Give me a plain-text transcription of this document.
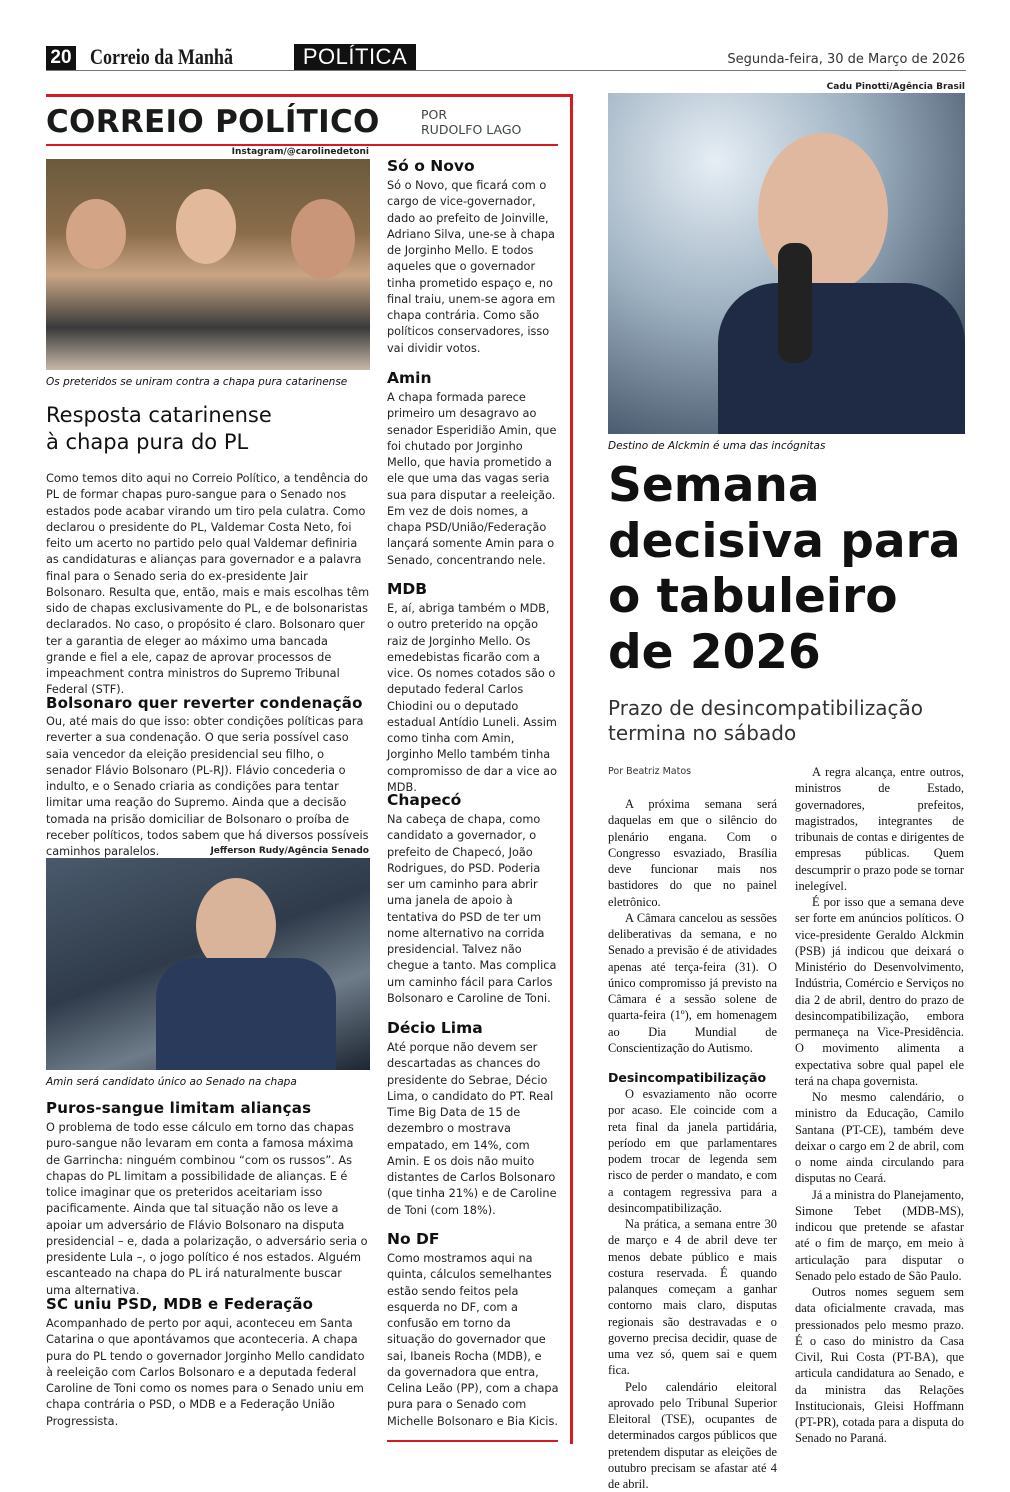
20 Correio da Manhã	POLÍTICA	Segunda-feira, 30 de Março de 2026
CORREIO POLÍTICO	POR
RUDOLFO LAGO
Instagram/@carolinedetoni
Os preteridos se uniram contra a chapa pura catarinense
Resposta catarinense
à chapa pura do PL
Como temos dito aqui no Correio Político, a tendência do PL de formar chapas puro-sangue para o Senado nos estados pode acabar virando um tiro pela culatra. Como declarou o presidente do PL, Valdemar Costa Neto, foi feito um acerto no partido pelo qual Valdemar definiria as candidaturas e alianças para governador e a palavra final para o Senado seria do ex-presidente Jair Bolsonaro. Resulta que, então, mais e mais escolhas têm sido de chapas exclusivamente do PL, e de bolsonaristas declarados. No caso, o propósito é claro. Bolsonaro quer ter a garantia de eleger ao máximo uma bancada grande e fiel a ele, capaz de aprovar processos de impeachment contra ministros do Supremo Tribunal Federal (STF).
Bolsonaro quer reverter condenação
Ou, até mais do que isso: obter condições políticas para reverter a sua condenação. O que seria possível caso saia vencedor da eleição presidencial seu filho, o senador Flávio Bolsonaro (PL-RJ). Flávio concederia o indulto, e o Senado criaria as condições para tentar limitar uma reação do Supremo. Ainda que a decisão tomada na prisão domiciliar de Bolsonaro o proíba de receber políticos, todos sabem que há diversos possíveis caminhos paralelos.	Jefferson Rudy/Agência Senado
Amin será candidato único ao Senado na chapa
Puros-sangue limitam alianças
O problema de todo esse cálculo em torno das chapas puro-sangue não levaram em conta a famosa máxima de Garrincha: ninguém combinou “com os russos”. As chapas do PL limitam a possibilidade de alianças. E é tolice imaginar que os preteridos aceitariam isso pacificamente. Ainda que tal situação não os leve a apoiar um adversário de Flávio Bolsonaro na disputa presidencial – e, dada a polarização, o adversário seria o presidente Lula –, o jogo político é nos estados. Alguém escanteado na chapa do PL irá naturalmente buscar uma alternativa.
SC uniu PSD, MDB e Federação
Acompanhado de perto por aqui, aconteceu em Santa Catarina o que apontávamos que aconteceria. A chapa pura do PL tendo o governador Jorginho Mello candidato à reeleição com Carlos Bolsonaro e a deputada federal Caroline de Toni como os nomes para o Senado uniu em chapa contrária o PSD, o MDB e a Federação União Progressista.
Só o Novo
Só o Novo, que ficará com o cargo de vice-governador, dado ao prefeito de Joinville, Adriano Silva, une-se à chapa de Jorginho Mello. E todos aqueles que o governador tinha prometido espaço e, no final traiu, unem-se agora em chapa contrária. Como são políticos conservadores, isso vai dividir votos.
Amin
A chapa formada parece primeiro um desagravo ao senador Esperidião Amin, que foi chutado por Jorginho Mello, que havia prometido a ele que uma das vagas seria sua para disputar a reeleição. Em vez de dois nomes, a chapa PSD/União/Federação lançará somente Amin para o Senado, concentrando nele.
MDB
E, aí, abriga também o MDB, o outro preterido na opção raiz de Jorginho Mello. Os emedebistas ficarão com a vice. Os nomes cotados são o deputado federal Carlos Chiodini ou o deputado estadual Antídio Luneli. Assim como tinha com Amin, Jorginho Mello também tinha compromisso de dar a vice ao MDB.
Chapecó
Na cabeça de chapa, como candidato a governador, o prefeito de Chapecó, João Rodrigues, do PSD. Poderia ser um caminho para abrir uma janela de apoio à tentativa do PSD de ter um nome alternativo na corrida presidencial. Talvez não chegue a tanto. Mas complica um caminho fácil para Carlos Bolsonaro e Caroline de Toni.
Décio Lima
Até porque não devem ser descartadas as chances do presidente do Sebrae, Décio Lima, o candidato do PT. Real Time Big Data de 15 de dezembro o mostrava empatado, em 14%, com Amin. E os dois não muito distantes de Carlos Bolsonaro (que tinha 21%) e de Caroline de Toni (com 18%).
No DF
Como mostramos aqui na quinta, cálculos semelhantes estão sendo feitos pela esquerda no DF, com a confusão em torno da situação do governador que sai, Ibaneis Rocha (MDB), e da governadora que entra, Celina Leão (PP), com a chapa pura para o Senado com Michelle Bolsonaro e Bia Kicis.
Cadu Pinotti/Agência Brasil
Destino de Alckmin é uma das incógnitas
Semana decisiva para o tabuleiro de 2026
Prazo de desincompatibilização termina no sábado
Por Beatriz Matos

A próxima semana será daquelas em que o silêncio do plenário engana. Com o Congresso esvaziado, Brasília deve funcionar mais nos bastidores do que no painel eletrônico.

A Câmara cancelou as sessões deliberativas da semana, e no Senado a previsão é de atividades apenas até terça-feira (31). O único compromisso já previsto na Câmara é a sessão solene de quarta-feira (1º), em homenagem ao Dia Mundial de Conscientização do Autismo.

Desincompatibilização

O esvaziamento não ocorre por acaso. Ele coincide com a reta final da janela partidária, período em que parlamentares podem trocar de legenda sem risco de perder o mandato, e com a contagem regressiva para a desincompatibilização.

Na prática, a semana entre 30 de março e 4 de abril deve ter menos debate público e mais costura reservada. É quando palanques começam a ganhar contorno mais claro, disputas regionais são destravadas e o governo precisa decidir, quase de uma vez só, quem sai e quem fica.

Pelo calendário eleitoral aprovado pelo Tribunal Superior Eleitoral (TSE), ocupantes de determinados cargos públicos que pretendem disputar as eleições de outubro precisam se afastar até 4 de abril.

A regra alcança, entre outros, ministros de Estado, governadores, prefeitos, magistrados, integrantes de tribunais de contas e dirigentes de empresas públicas. Quem descumprir o prazo pode se tornar inelegível.

É por isso que a semana deve ser forte em anúncios políticos. O vice-presidente Geraldo Alckmin (PSB) já indicou que deixará o Ministério do Desenvolvimento, Indústria, Comércio e Serviços no dia 2 de abril, dentro do prazo de desincompatibilização, embora permaneça na Vice-Presidência. O movimento alimenta a expectativa sobre qual papel ele terá na chapa governista.

No mesmo calendário, o ministro da Educação, Camilo Santana (PT-CE), também deve deixar o cargo em 2 de abril, com o nome ainda circulando para disputas no Ceará.

Já a ministra do Planejamento, Simone Tebet (MDB-MS), indicou que pretende se afastar até o fim de março, em meio à articulação para disputar o Senado pelo estado de São Paulo.

Outros nomes seguem sem data oficialmente cravada, mas pressionados pelo mesmo prazo. É o caso do ministro da Casa Civil, Rui Costa (PT-BA), que articula candidatura ao Senado, e da ministra das Relações Institucionais, Gleisi Hoffmann (PT-PR), cotada para a disputa do Senado no Paraná.
